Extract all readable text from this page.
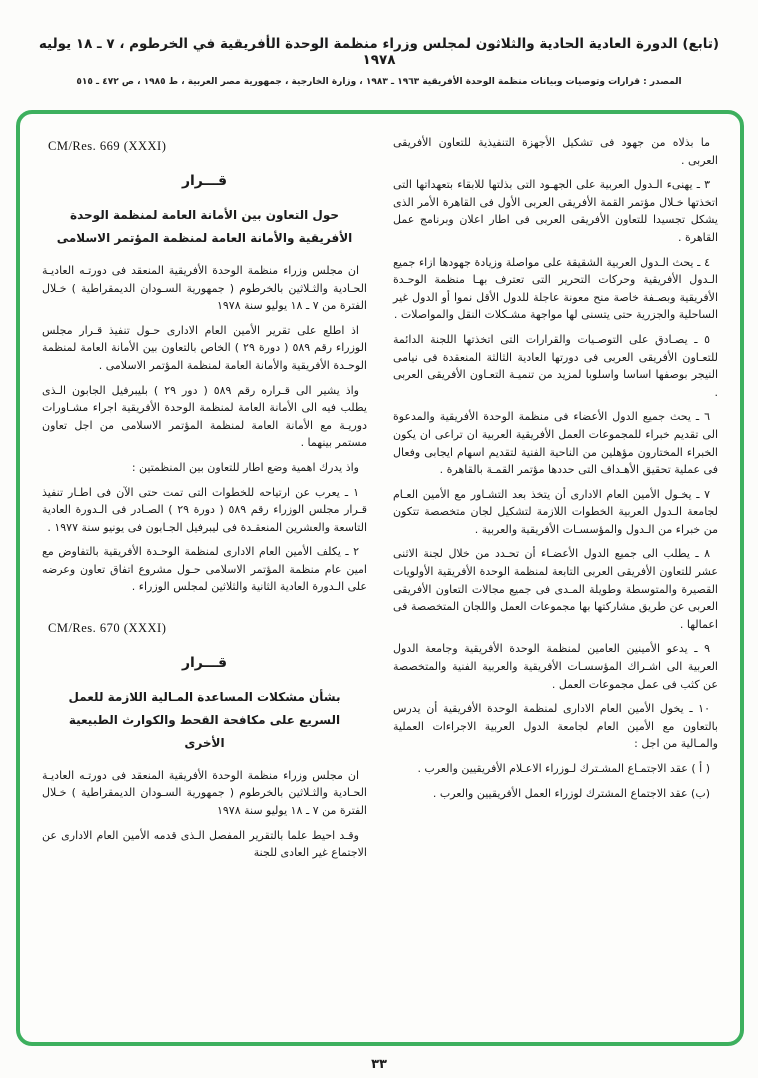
(تابع) الدورة العادية الحادية والثلاثون لمجلس وزراء منظمة الوحدة الأفريقية في الخرطوم ، ٧ ـ ١٨ يوليه ١٩٧٨
المصدر : قرارات وتوصيات وبيانات منظمة الوحدة الأفريقية ١٩٦٣ ـ ١٩٨٣ ، وزارة الخارجية ، جمهورية مصر العربية ، ط ١٩٨٥ ، ص ٤٧٢ ـ ٥١٥

ما بذلاه من جهود فى تشكيل الأجهزة التنفيذية للتعاون الأفريقى العربى .

٣ ـ يهنىء الـدول العربية على الجهـود التى بذلتها للابقاء بتعهداتها التى اتخذتها خـلال مؤتمر القمة الأفريقى العربى الأول فى القاهرة الأمر الذى يشكل تجسيدا للتعاون الأفريقى العربى فى اطار اعلان وبرنامج عمل القاهرة .

٤ ـ يحث الـدول العربية الشقيقة على مواصلة وزيادة جهودها ازاء جميع الـدول الأفريقية وحركات التحرير التى تعترف بهـا منظمة الوحـدة الأفريقية وبصـفة خاصة منح معونة عاجلة للدول الأقل نموا أو الدول غير الساحلية والجزرية حتى يتسنى لها مواجهة مشـكلات النقل والمواصلات .

٥ ـ يصـادق على التوصـيات والقرارات التى اتخذتها اللجنة الدائمة للتعـاون الأفريقى العربى فى دورتها العادية الثالثة المنعقدة فى نيامى النيجر بوصفها اساسا واسلوبا لمزيد من تنميـة التعـاون الأفريقى العربى .

٦ ـ يحث جميع الدول الأعضاء فى منظمة الوحدة الأفريقية والمدعوة الى تقديم خبراء للمجموعات العمل الأفريقية العربية ان تراعى ان يكون الخبراء المختارون مؤهلين من الناحية الفنية لتقديم اسهام ايجابى وفعال فى عملية تحقيق الأهـداف التى حددها مؤتمر القمـة بالقاهرة .

٧ ـ يخـول الأمين العام الادارى أن يتخذ بعد التشـاور مع الأمين العـام لجامعة الـدول العربية الخطوات اللازمة لتشكيل لجان متخصصة تتكون من خبراء من الـدول والمؤسسـات الأفريقية والعربية .

٨ ـ يطلب الى جميع الدول الأعضـاء أن تحـدد من خلال لجنة الاثنى عشر للتعاون الأفريقى العربى التابعة لمنظمة الوحدة الأفريقية الأولويات القصيرة والمتوسطة وطويلة المـدى فى جميع مجالات التعاون الأفريقى العربى عن طريق مشاركتها بها مجموعات العمل واللجان المتخصصة فى اعمالها .

٩ ـ يدعو الأمينين العامين لمنظمة الوحدة الأفريقية وجامعة الدول العربية الى اشـراك المؤسسـات الأفريقية والعربية الفنية والمتخصصة عن كثب فى عمل مجموعات العمل .

١٠ ـ يخول الأمين العام الادارى لمنظمة الوحدة الأفريقية أن يدرس بالتعاون مع الأمين العام لجامعة الدول العربية الاجراءات العملية والمـالية من اجل :

( أ ) عقد الاجتمـاع المشـترك لـوزراء الاعـلام الأفريقيين والعرب .

(ب) عقد الاجتماع المشترك لوزراء العمل الأفريقيين والعرب .

CM/Res. 669 (XXXI)
قـــرار
حول التعاون بين الأمانة العامة لمنظمة الوحدة الأفريقية والأمانة العامة لمنظمة المؤتمر الاسلامى

ان مجلس وزراء منظمة الوحدة الأفريقية المنعقد فى دورتـه العاديـة الحـادية والثـلاثين بالخرطوم ( جمهورية السـودان الديمقراطية ) خـلال الفترة من ٧ ـ ١٨ يوليو سنة ١٩٧٨

اذ اطلع على تقرير الأمين العام الادارى حـول تنفيذ قـرار مجلس الوزراء رقم ٥٨٩ ( دورة ٢٩ ) الخاص بالتعاون بين الأمانة العامة لمنظمة الوحـدة الأفريقية والأمانة العامة لمنظمة المؤتمر الاسلامى .

واذ يشير الى قـراره رقم ٥٨٩ ( دور ٢٩ ) بليبرفيل الجابون الـذى يطلب فيه الى الأمانة العامة لمنظمة الوحدة الأفريقية اجراء مشـاورات دوريـة مع الأمانة العامة لمنظمة المؤتمر الاسلامى من اجل تعاون مستمر بينهما .

واذ يدرك اهمية وضع اطار للتعاون بين المنظمتين :

١ ـ يعرب عن ارتياحه للخطوات التى تمت حتى الآن فى اطـار تنفيذ قـرار مجلس الوزراء رقم ٥٨٩ ( دورة ٢٩ ) الصـادر فى الـدورة العادية التاسعة والعشرين المنعقـدة فى ليبرفيل الجـابون فى يونيو سنة ١٩٧٧ .

٢ ـ يكلف الأمين العام الادارى لمنظمة الوحـدة الأفريقية بالتفاوض مع امين عام منظمة المؤتمر الاسلامى حـول مشروع اتفاق تعاون وعرضه على الـدورة العادية الثانية والثلاثين لمجلس الوزراء .

CM/Res. 670 (XXXI)
قـــرار
بشأن مشكلات المساعدة المـالية اللازمة للعمل السريع على مكافحة القحط والكوارث الطبيعية الأخرى

ان مجلس وزراء منظمة الوحدة الأفريقية المنعقد فى دورتـه العاديـة الحـادية والثـلاثين بالخرطوم ( جمهورية السـودان الديمقراطية ) خـلال الفترة من ٧ ـ ١٨ يوليو سنة ١٩٧٨

وقـد احيط علما بالتقرير المفصل الـذى قدمه الأمين العام الادارى عن الاجتماع غير العادى للجنة

٣٣
